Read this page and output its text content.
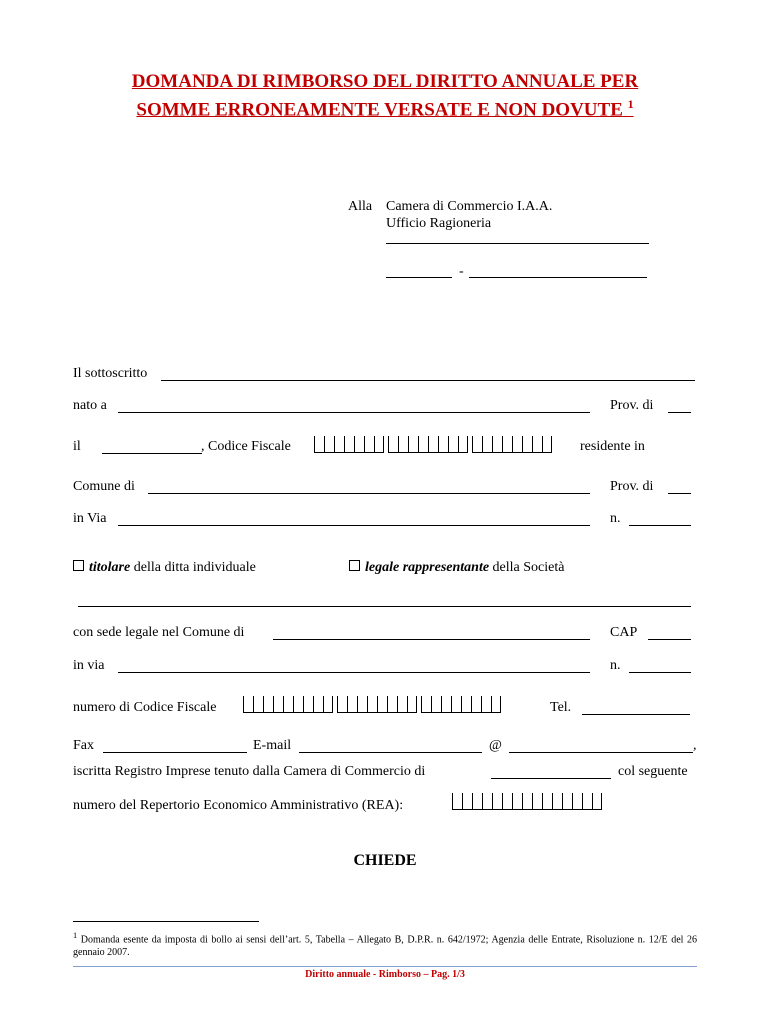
DOMANDA DI RIMBORSO DEL DIRITTO ANNUALE PER
SOMME ERRONEAMENTE VERSATE E NON DOVUTE $^1$
Alla Camera di Commercio I.A.A.
Ufficio Ragioneria
-
Il sottoscritto
nato a	Prov. di
il	, Codice Fiscale	residente in
Comune di	Prov. di
in Via	n.
titolare della ditta individuale	legale rappresentante della Società
con sede legale nel Comune di	CAP
in via	n.
numero di Codice Fiscale	Tel.
Fax	E-mail	@	,
iscritta Registro Imprese tenuto dalla Camera di Commercio di	col seguente
numero del Repertorio Economico Amministrativo (REA):
CHIEDE
$^1$ Domanda esente da imposta di bollo ai sensi dell’art. 5, Tabella – Allegato B, D.P.R. n. 642/1972; Agenzia delle Entrate, Risoluzione n. 12/E del 26 gennaio 2007.
Diritto annuale - Rimborso – Pag. 1/3
